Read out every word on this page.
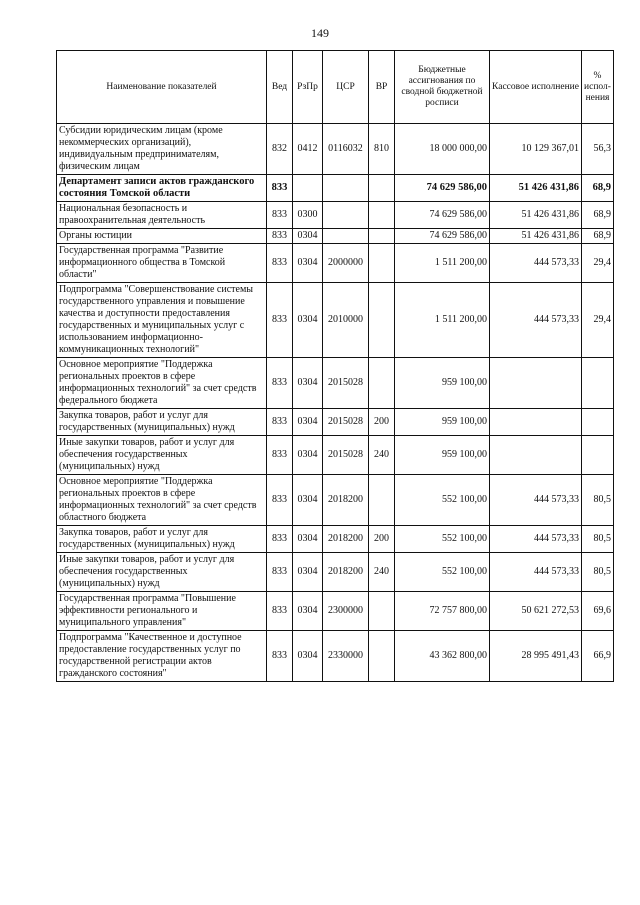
149
Наименование показателей	Вед	РзПр	ЦСР	ВР	Бюджетные ассигнования по сводной бюджетной росписи	Кассовое исполнение	% испол-нения
Субсидии юридическим лицам (кроме некоммерческих организаций), индивидуальным предпринимателям, физическим лицам	832	0412	0116032	810	18 000 000,00	10 129 367,01	56,3
Департамент записи актов гражданского состояния Томской области	833				74 629 586,00	51 426 431,86	68,9
Национальная безопасность и правоохранительная деятельность	833	0300			74 629 586,00	51 426 431,86	68,9
Органы юстиции	833	0304			74 629 586,00	51 426 431,86	68,9
Государственная программа "Развитие информационного общества в Томской области"	833	0304	2000000		1 511 200,00	444 573,33	29,4
Подпрограмма "Совершенствование системы государственного управления и повышение качества и доступности предоставления государственных и муниципальных услуг с использованием информационно-коммуникационных технологий"	833	0304	2010000		1 511 200,00	444 573,33	29,4
Основное мероприятие "Поддержка региональных проектов в сфере информационных технологий" за счет средств федерального бюджета	833	0304	2015028		959 100,00		
Закупка товаров, работ и услуг для государственных (муниципальных) нужд	833	0304	2015028	200	959 100,00		
Иные закупки товаров, работ и услуг для обеспечения государственных (муниципальных) нужд	833	0304	2015028	240	959 100,00		
Основное мероприятие "Поддержка региональных проектов в сфере информационных технологий" за счет средств областного бюджета	833	0304	2018200		552 100,00	444 573,33	80,5
Закупка товаров, работ и услуг для государственных (муниципальных) нужд	833	0304	2018200	200	552 100,00	444 573,33	80,5
Иные закупки товаров, работ и услуг для обеспечения государственных (муниципальных) нужд	833	0304	2018200	240	552 100,00	444 573,33	80,5
Государственная программа "Повышение эффективности регионального и муниципального управления"	833	0304	2300000		72 757 800,00	50 621 272,53	69,6
Подпрограмма "Качественное и доступное предоставление государственных услуг по государственной регистрации актов гражданского состояния"	833	0304	2330000		43 362 800,00	28 995 491,43	66,9
